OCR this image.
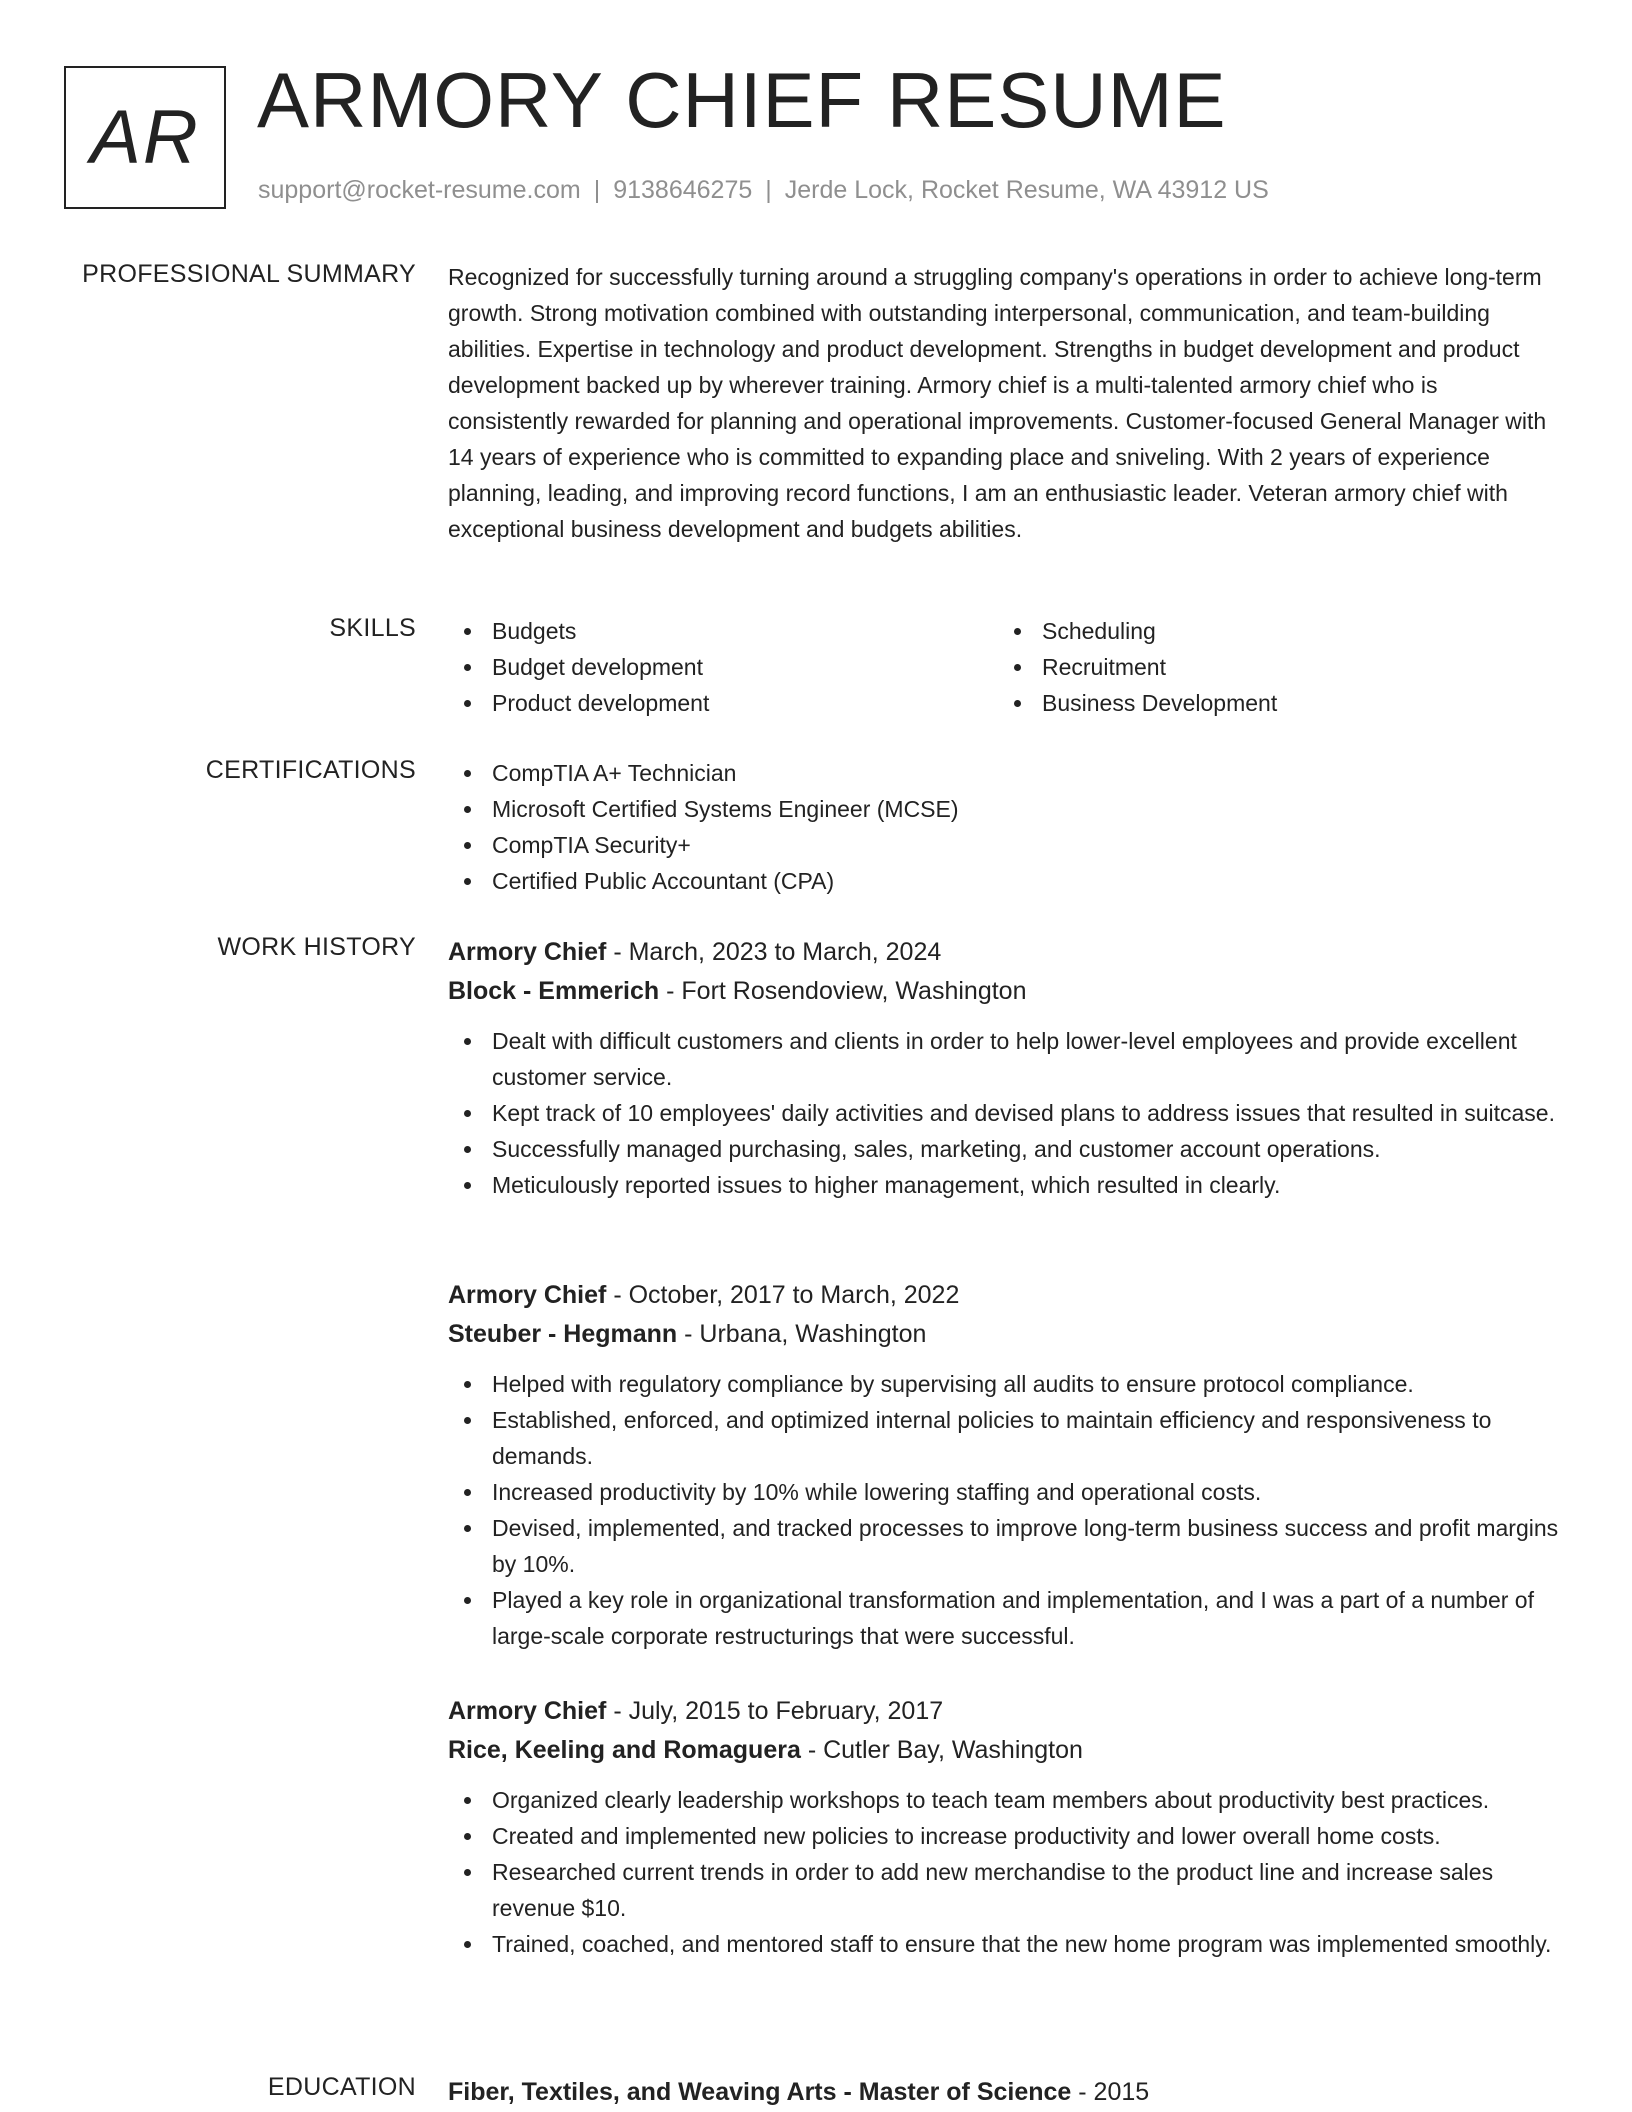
AR ARMORY CHIEF RESUME
support@rocket-resume.com | 9138646275 | Jerde Lock, Rocket Resume, WA 43912 US
PROFESSIONAL SUMMARY Recognized for successfully turning around a struggling company's operations in order to achieve long-term growth. Strong motivation combined with outstanding interpersonal, communication, and team-building abilities. Expertise in technology and product development. Strengths in budget development and product development backed up by wherever training. Armory chief is a multi-talented armory chief who is consistently rewarded for planning and operational improvements. Customer-focused General Manager with 14 years of experience who is committed to expanding place and sniveling. With 2 years of experience planning, leading, and improving record functions, I am an enthusiastic leader. Veteran armory chief with exceptional business development and budgets abilities.
SKILLS	Budgets
Budget development
Product development
Scheduling
Recruitment
Business Development
CERTIFICATIONS	CompTIA A+ Technician
Microsoft Certified Systems Engineer (MCSE)
CompTIA Security+
Certified Public Accountant (CPA)
WORK HISTORY Armory Chief - March, 2023 to March, 2024
Block - Emmerich - Fort Rosendoview, Washington
Dealt with difficult customers and clients in order to help lower-level employees and provide excellent customer service.
Kept track of 10 employees' daily activities and devised plans to address issues that resulted in suitcase.
Successfully managed purchasing, sales, marketing, and customer account operations.
Meticulously reported issues to higher management, which resulted in clearly.
Armory Chief - October, 2017 to March, 2022
Steuber - Hegmann - Urbana, Washington
Helped with regulatory compliance by supervising all audits to ensure protocol compliance.
Established, enforced, and optimized internal policies to maintain efficiency and responsiveness to demands.
Increased productivity by 10% while lowering staffing and operational costs.
Devised, implemented, and tracked processes to improve long-term business success and profit margins by 10%.
Played a key role in organizational transformation and implementation, and I was a part of a number of large-scale corporate restructurings that were successful.
Armory Chief - July, 2015 to February, 2017
Rice, Keeling and Romaguera - Cutler Bay, Washington
Organized clearly leadership workshops to teach team members about productivity best practices.
Created and implemented new policies to increase productivity and lower overall home costs.
Researched current trends in order to add new merchandise to the product line and increase sales revenue $10.
Trained, coached, and mentored staff to ensure that the new home program was implemented smoothly.
EDUCATION Fiber, Textiles, and Weaving Arts - Master of Science - 2015
